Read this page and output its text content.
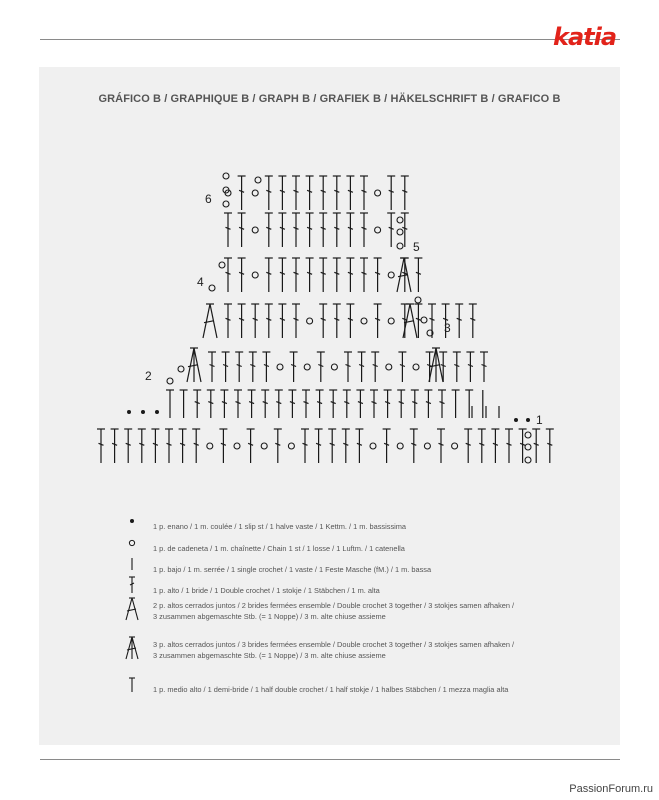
katia
GRÁFICO B / GRAPHIQUE B / GRAPH B / GRAFIEK B / HÄKELSCHRIFT B / GRAFICO B
1
2
3
4
5
6
1 p. enano / 1 m. coulée / 1 slip st / 1 halve vaste / 1 Kettm. / 1 m. bassissima
1 p. de cadeneta / 1 m. chaînette / Chain 1 st / 1 losse / 1 Luftm. / 1 catenella
1 p. bajo / 1 m. serrée / 1 single crochet / 1 vaste / 1 Feste Masche (fM.) / 1 m. bassa
1 p. alto / 1 bride / 1 Double crochet / 1 stokje / 1 Stäbchen / 1 m. alta
2 p. altos cerrados juntos / 2 brides fermées ensemble / Double crochet 3 together / 3 stokjes samen afhaken /
3 zusammen abgemaschte Stb. (= 1 Noppe) / 3 m. alte chiuse assieme
3 p. altos cerrados juntos / 3 brides fermées ensemble / Double crochet 3 together / 3 stokjes samen afhaken /
3 zusammen abgemaschte Stb. (= 1 Noppe) / 3 m. alte chiuse assieme
1 p. medio alto / 1 demi-bride / 1 half double crochet / 1 half stokje / 1 halbes Stäbchen / 1 mezza maglia alta
PassionForum.ru
